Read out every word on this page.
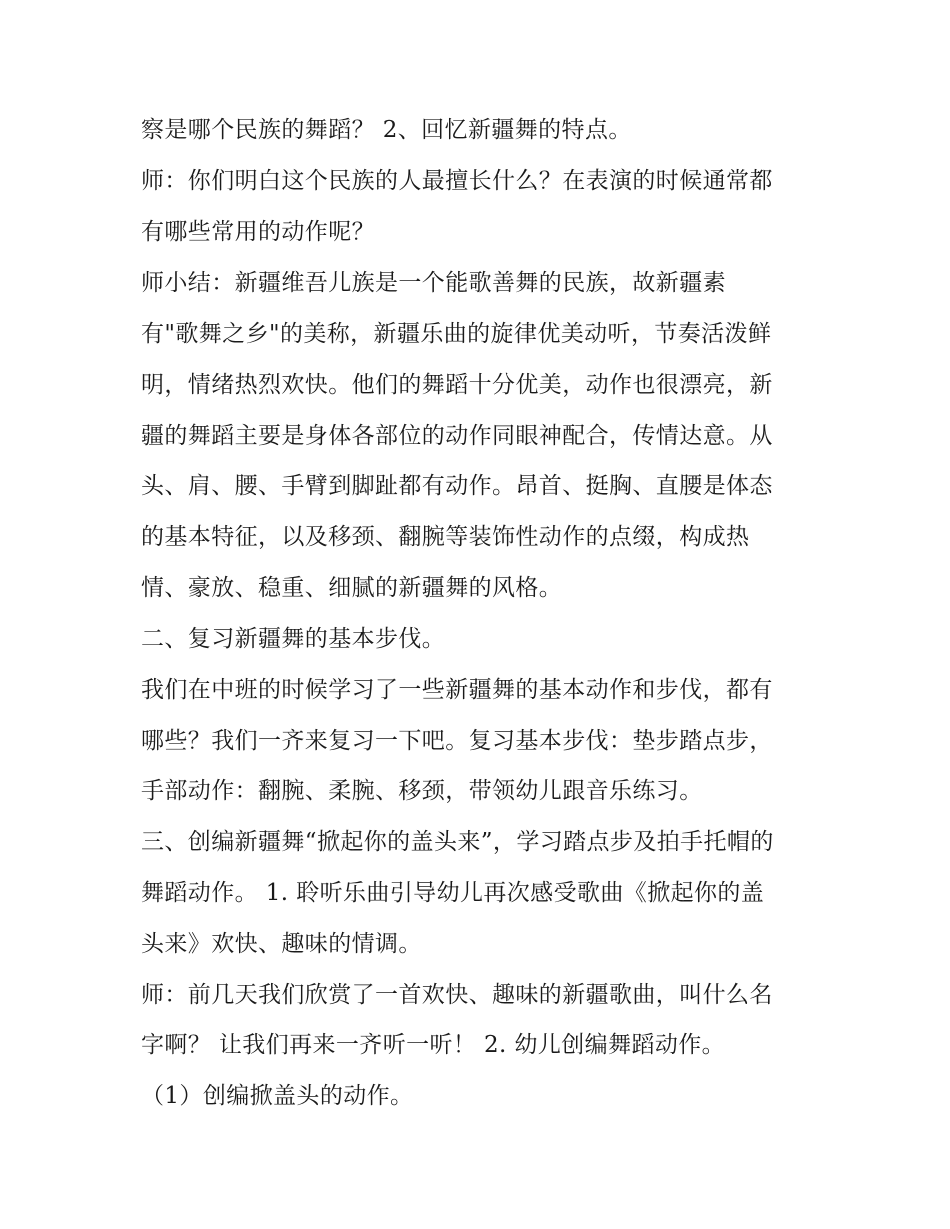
察是哪个民族的舞蹈？ 2、回忆新疆舞的特点。
师：你们明白这个民族的人最擅长什么？在表演的时候通常都
有哪些常用的动作呢？
师小结：新疆维吾儿族是一个能歌善舞的民族，故新疆素
有"歌舞之乡"的美称，新疆乐曲的旋律优美动听，节奏活泼鲜
明，情绪热烈欢快。他们的舞蹈十分优美，动作也很漂亮，新
疆的舞蹈主要是身体各部位的动作同眼神配合，传情达意。从
头、肩、腰、手臂到脚趾都有动作。昂首、挺胸、直腰是体态
的基本特征，以及移颈、翻腕等装饰性动作的点缀，构成热
情、豪放、稳重、细腻的新疆舞的风格。
二、复习新疆舞的基本步伐。
我们在中班的时候学习了一些新疆舞的基本动作和步伐，都有
哪些？我们一齐来复习一下吧。复习基本步伐：垫步踏点步，
手部动作：翻腕、柔腕、移颈，带领幼儿跟音乐练习。
三、创编新疆舞“掀起你的盖头来”，学习踏点步及拍手托帽的
舞蹈动作。 1. 聆听乐曲引导幼儿再次感受歌曲《掀起你的盖
头来》欢快、趣味的情调。
师：前几天我们欣赏了一首欢快、趣味的新疆歌曲，叫什么名
字啊？ 让我们再来一齐听一听！ 2. 幼儿创编舞蹈动作。
（1）创编掀盖头的动作。
